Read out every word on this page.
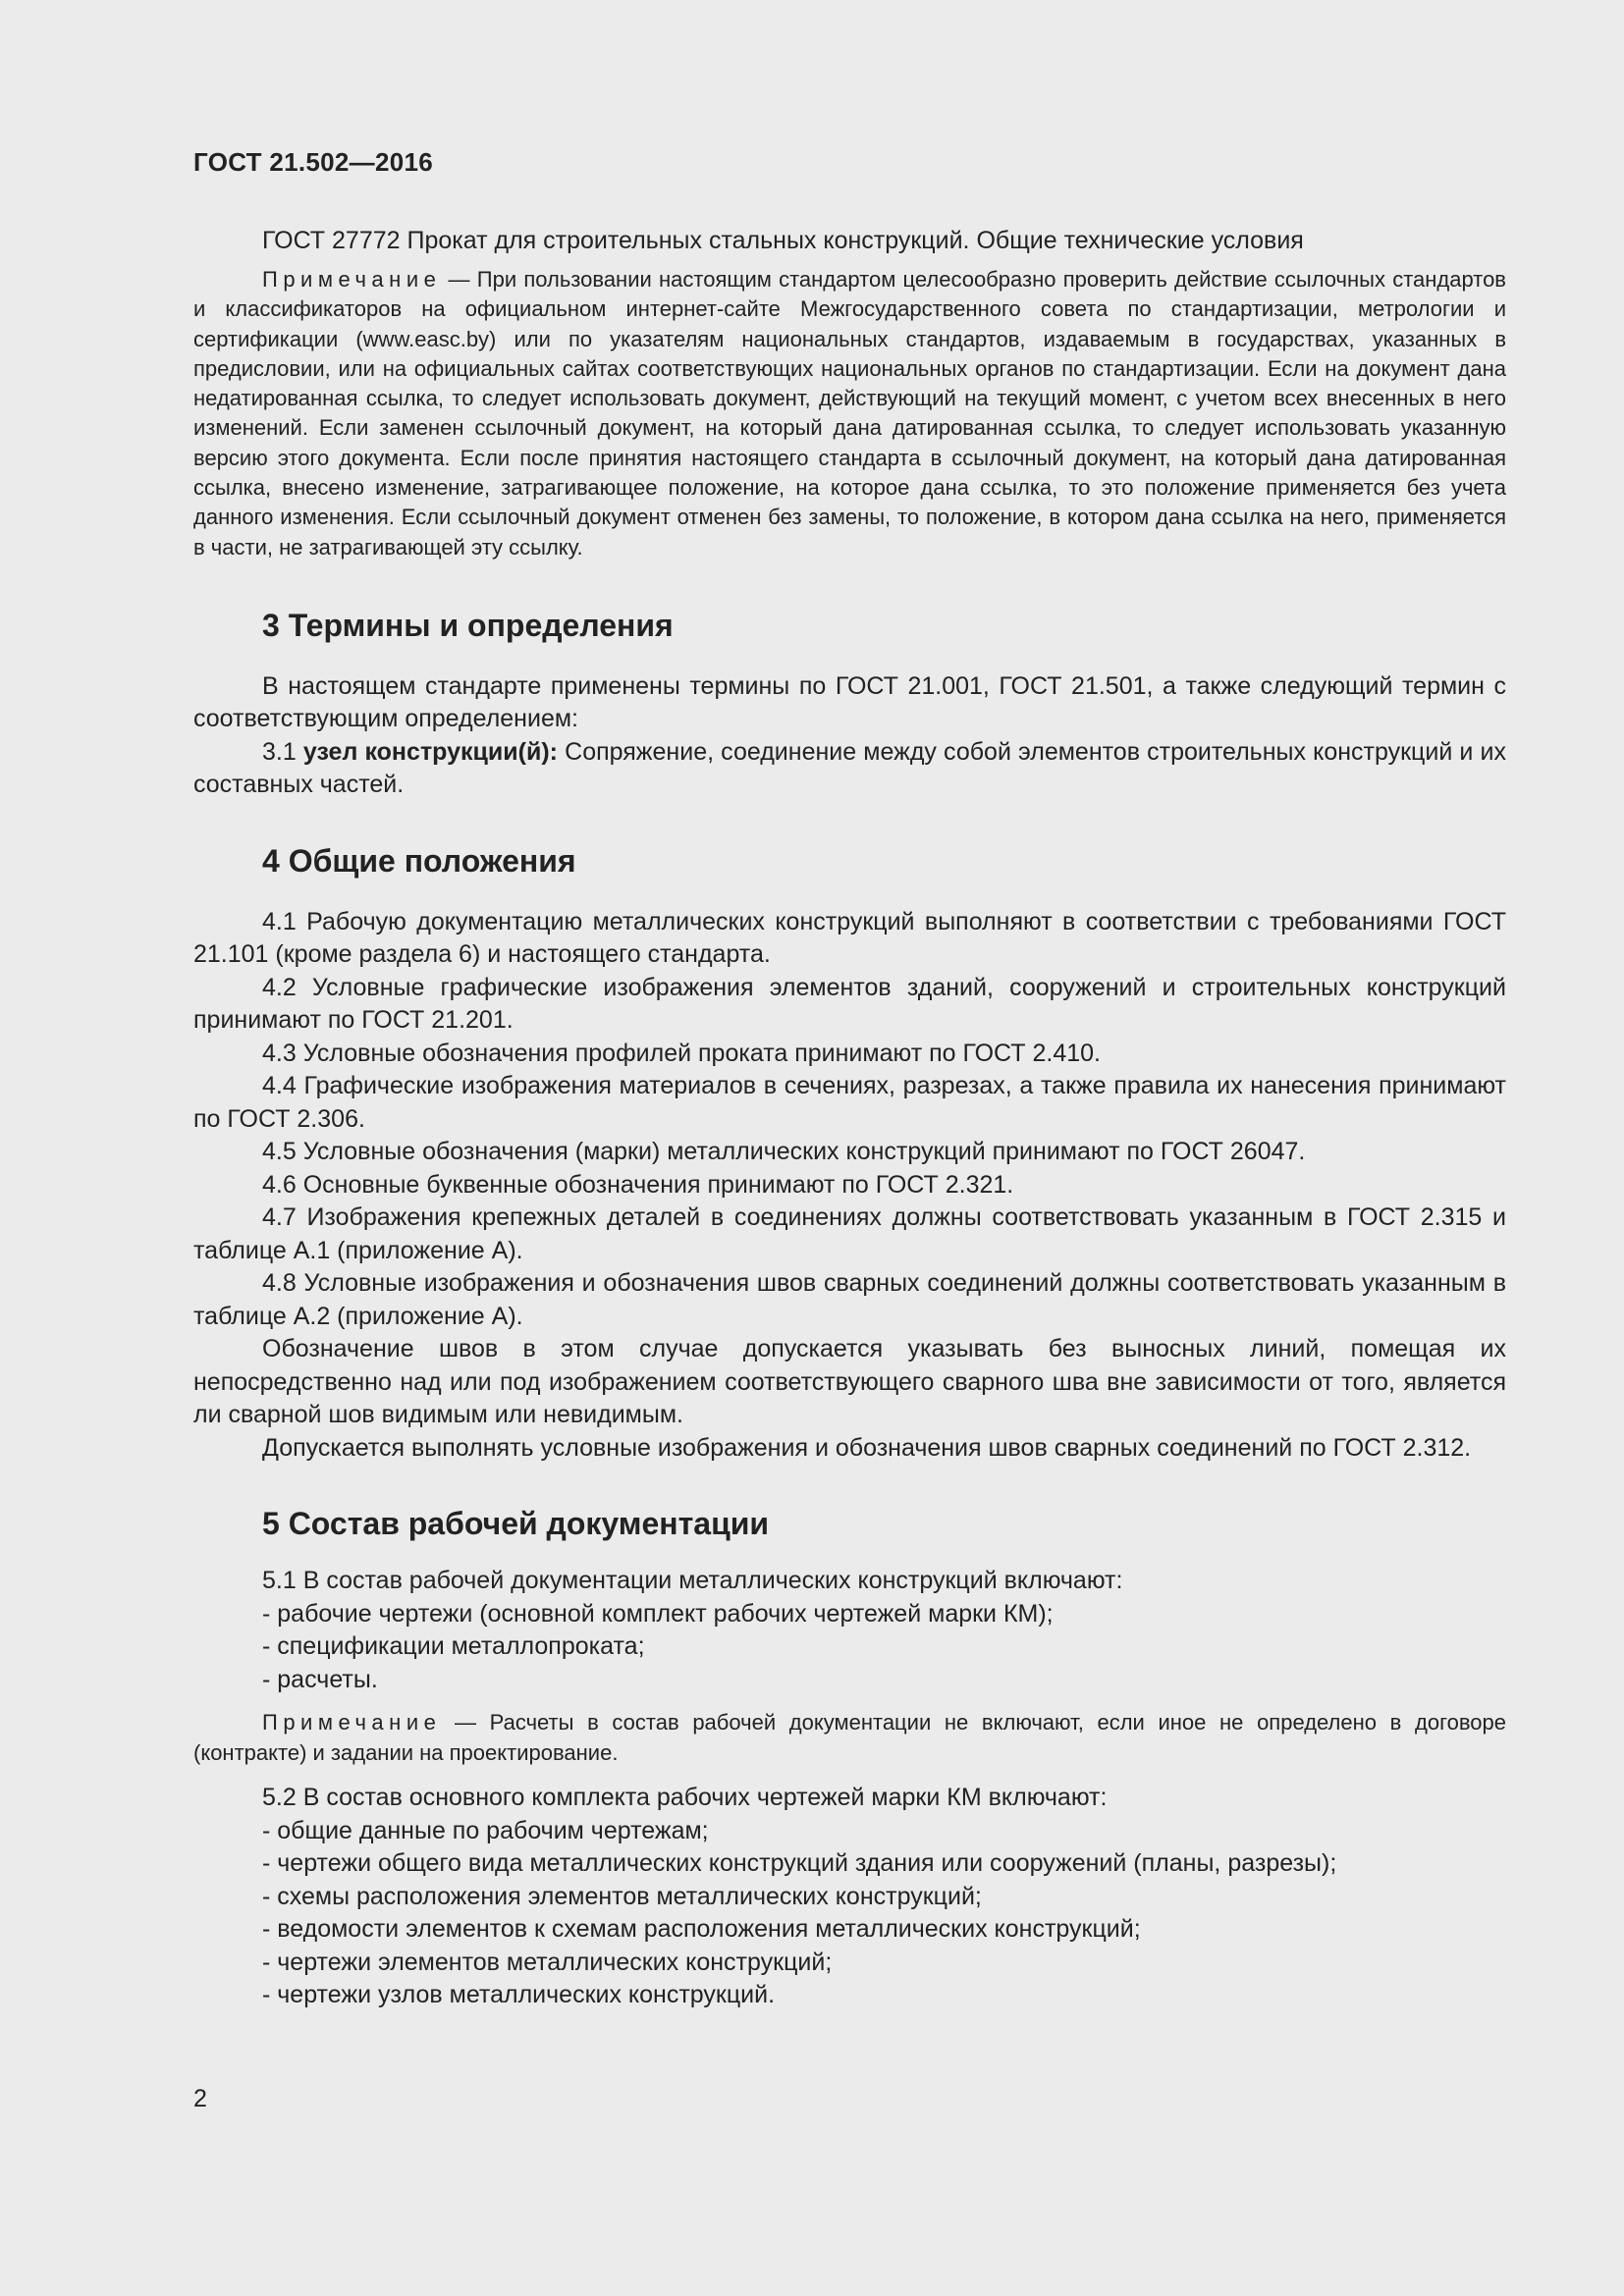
ГОСТ 21.502—2016

ГОСТ 27772 Прокат для строительных стальных конструкций. Общие технические условия

Примечание — При пользовании настоящим стандартом целесообразно проверить действие ссылочных стандартов и классификаторов на официальном интернет-сайте Межгосударственного совета по стандартизации, метрологии и сертификации (www.easc.by) или по указателям национальных стандартов, издаваемым в государствах, указанных в предисловии, или на официальных сайтах соответствующих национальных органов по стандартизации. Если на документ дана недатированная ссылка, то следует использовать документ, действующий на текущий момент, с учетом всех внесенных в него изменений. Если заменен ссылочный документ, на который дана датированная ссылка, то следует использовать указанную версию этого документа. Если после принятия настоящего стандарта в ссылочный документ, на который дана датированная ссылка, внесено изменение, затрагивающее положение, на которое дана ссылка, то это положение применяется без учета данного изменения. Если ссылочный документ отменен без замены, то положение, в котором дана ссылка на него, применяется в части, не затрагивающей эту ссылку.

3 Термины и определения

В настоящем стандарте применены термины по ГОСТ 21.001, ГОСТ 21.501, а также следующий термин с соответствующим определением:

3.1 узел конструкции(й): Сопряжение, соединение между собой элементов строительных конструкций и их составных частей.

4 Общие положения

4.1 Рабочую документацию металлических конструкций выполняют в соответствии с требованиями ГОСТ 21.101 (кроме раздела 6) и настоящего стандарта.

4.2 Условные графические изображения элементов зданий, сооружений и строительных конструкций принимают по ГОСТ 21.201.

4.3 Условные обозначения профилей проката принимают по ГОСТ 2.410.

4.4 Графические изображения материалов в сечениях, разрезах, а также правила их нанесения принимают по ГОСТ 2.306.

4.5 Условные обозначения (марки) металлических конструкций принимают по ГОСТ 26047.

4.6 Основные буквенные обозначения принимают по ГОСТ 2.321.

4.7 Изображения крепежных деталей в соединениях должны соответствовать указанным в ГОСТ 2.315 и таблице А.1 (приложение А).

4.8 Условные изображения и обозначения швов сварных соединений должны соответствовать указанным в таблице А.2 (приложение А).

Обозначение швов в этом случае допускается указывать без выносных линий, помещая их непосредственно над или под изображением соответствующего сварного шва вне зависимости от того, является ли сварной шов видимым или невидимым.

Допускается выполнять условные изображения и обозначения швов сварных соединений по ГОСТ 2.312.

5 Состав рабочей документации

5.1 В состав рабочей документации металлических конструкций включают:

- рабочие чертежи (основной комплект рабочих чертежей марки КМ);

- спецификации металлопроката;

- расчеты.

Примечание — Расчеты в состав рабочей документации не включают, если иное не определено в договоре (контракте) и задании на проектирование.

5.2 В состав основного комплекта рабочих чертежей марки КМ включают:

- общие данные по рабочим чертежам;

- чертежи общего вида металлических конструкций здания или сооружений (планы, разрезы);

- схемы расположения элементов металлических конструкций;

- ведомости элементов к схемам расположения металлических конструкций;

- чертежи элементов металлических конструкций;

- чертежи узлов металлических конструкций.

2
